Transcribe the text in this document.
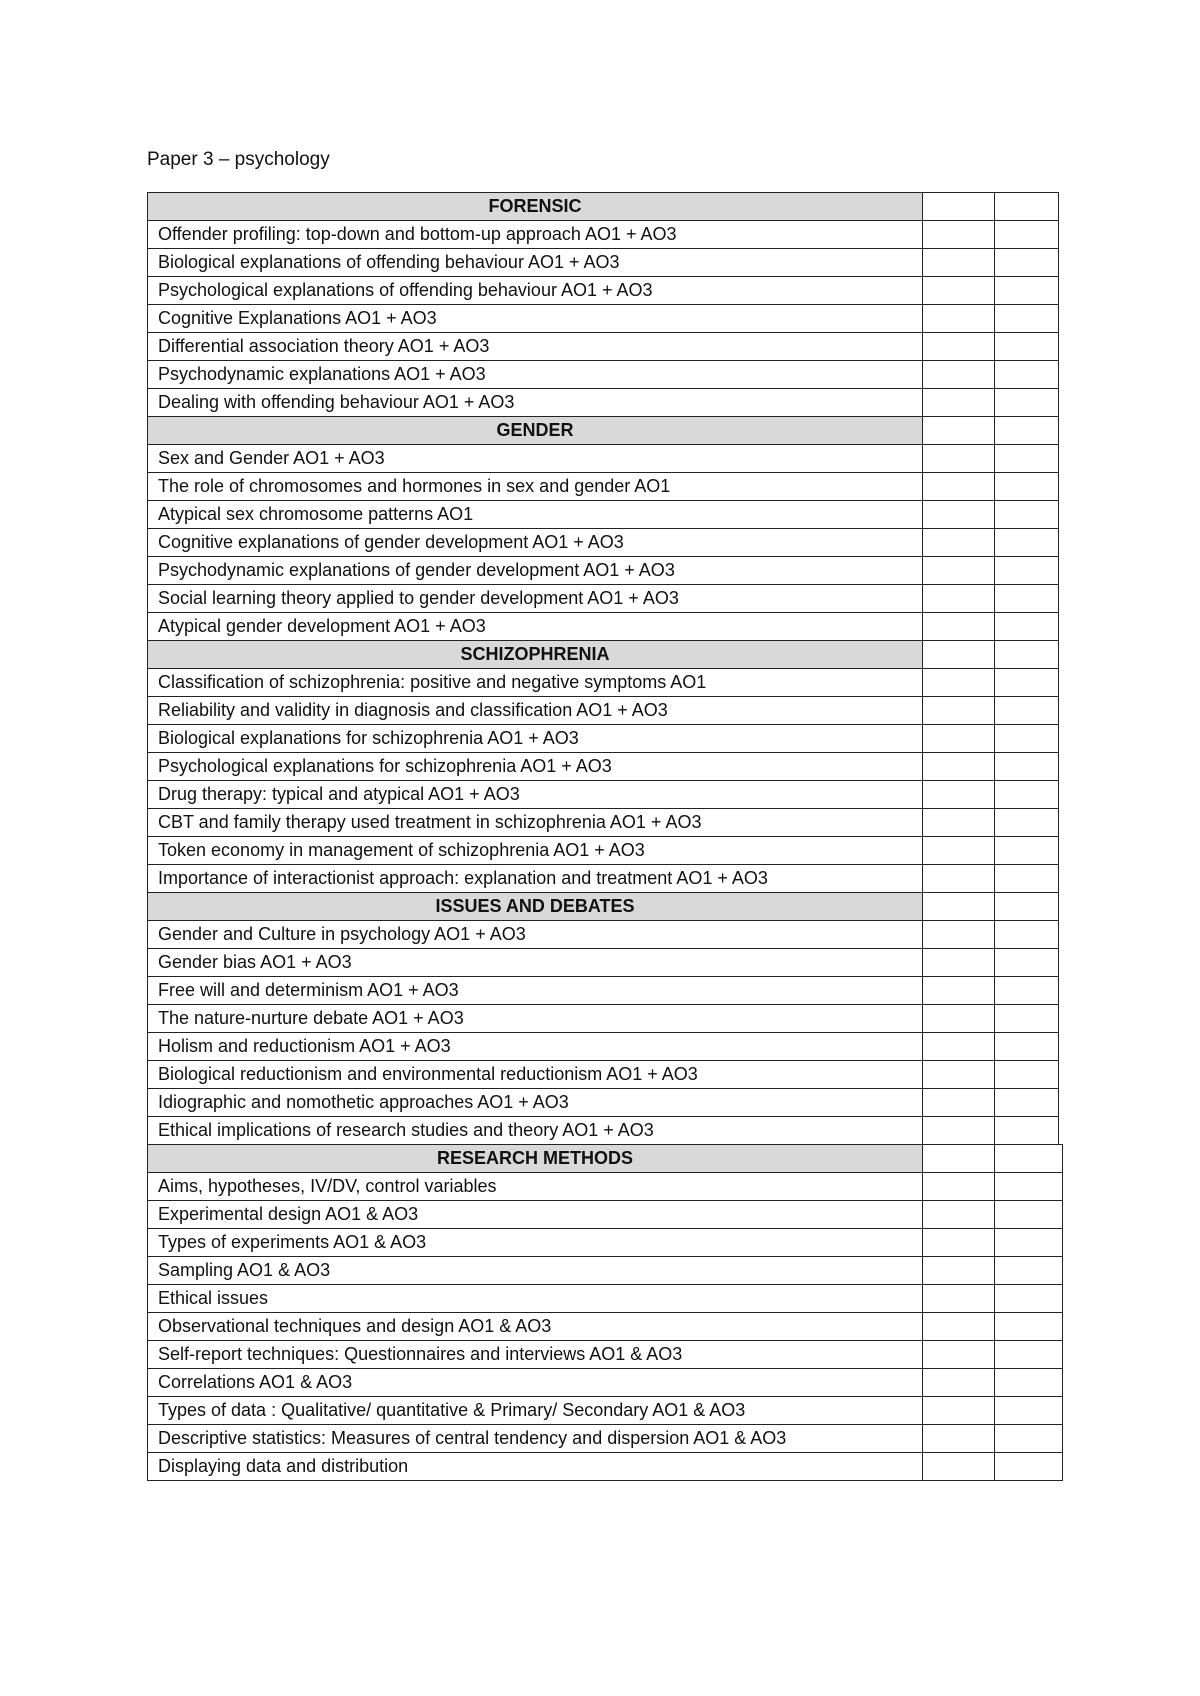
Paper 3 – psychology
FORENSIC		
Offender profiling: top-down and bottom-up approach AO1 + AO3		
Biological explanations of offending behaviour AO1 + AO3		
Psychological explanations of offending behaviour AO1 + AO3		
Cognitive Explanations AO1 + AO3		
Differential association theory AO1 + AO3		
Psychodynamic explanations AO1 + AO3		
Dealing with offending behaviour AO1 + AO3		
GENDER		
Sex and Gender AO1 + AO3		
The role of chromosomes and hormones in sex and gender AO1		
Atypical sex chromosome patterns AO1		
Cognitive explanations of gender development AO1 + AO3		
Psychodynamic explanations of gender development AO1 + AO3		
Social learning theory applied to gender development AO1 + AO3		
Atypical gender development AO1 + AO3		
SCHIZOPHRENIA		
Classification of schizophrenia: positive and negative symptoms AO1		
Reliability and validity in diagnosis and classification AO1 + AO3		
Biological explanations for schizophrenia AO1 + AO3		
Psychological explanations for schizophrenia AO1 + AO3		
Drug therapy: typical and atypical AO1 + AO3		
CBT and family therapy used treatment in schizophrenia AO1 + AO3		
Token economy in management of schizophrenia AO1 + AO3		
Importance of interactionist approach: explanation and treatment AO1 + AO3		
ISSUES AND DEBATES		
Gender and Culture in psychology AO1 + AO3		
Gender bias AO1 + AO3		
Free will and determinism AO1 + AO3		
The nature-nurture debate AO1 + AO3		
Holism and reductionism AO1 + AO3		
Biological reductionism and environmental reductionism AO1 + AO3		
Idiographic and nomothetic approaches AO1 + AO3		
Ethical implications of research studies and theory AO1 + AO3		
RESEARCH METHODS		
Aims, hypotheses, IV/DV, control variables		
Experimental design AO1 & AO3		
Types of experiments AO1 & AO3		
Sampling AO1 & AO3		
Ethical issues		
Observational techniques and design AO1 & AO3		
Self-report techniques: Questionnaires and interviews AO1 & AO3		
Correlations AO1 & AO3		
Types of data : Qualitative/ quantitative & Primary/ Secondary AO1 & AO3		
Descriptive statistics: Measures of central tendency and dispersion AO1 & AO3		
Displaying data and distribution		
